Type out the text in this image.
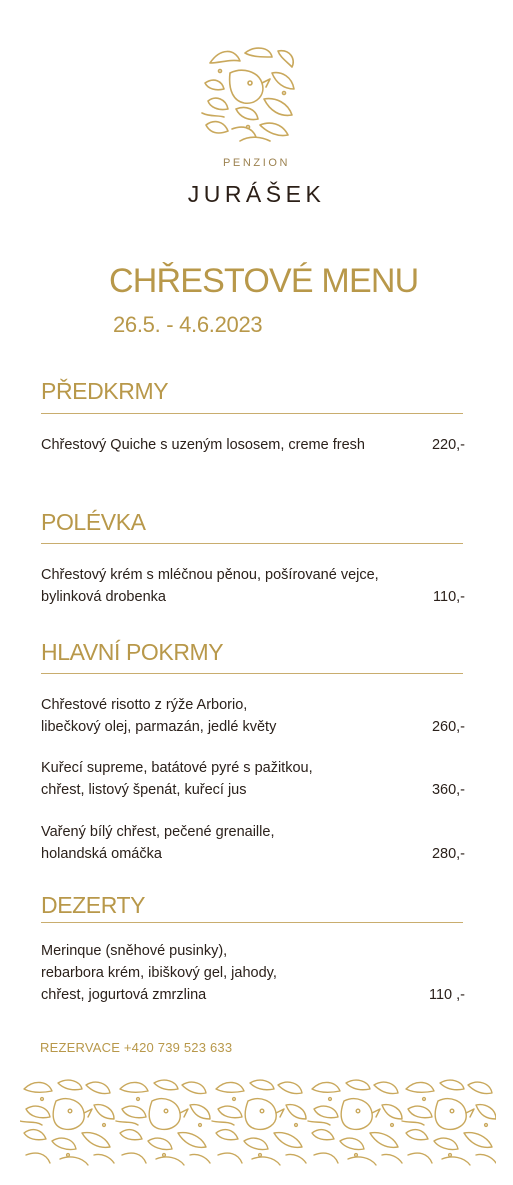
PENZION
JURÁŠEK
CHŘESTOVÉ MENU
26.5. - 4.6.2023
PŘEDKRMY
Chřestový Quiche s uzeným lososem, creme fresh	220,-
POLÉVKA
Chřestový krém s mléčnou pěnou, pošírované vejce,
bylinková drobenka	110,-
HLAVNÍ POKRMY
Chřestové risotto z rýže Arborio,
libečkový olej, parmazán, jedlé květy	260,-
Kuřecí supreme, batátové pyré s pažitkou,
chřest, listový špenát, kuřecí jus	360,-
Vařený bílý chřest, pečené grenaille,
holandská omáčka	280,-
DEZERTY
Merinque (sněhové pusinky),
rebarbora krém, ibiškový gel, jahody,
chřest, jogurtová zmrzlina	110 ,-
REZERVACE +420 739 523 633
